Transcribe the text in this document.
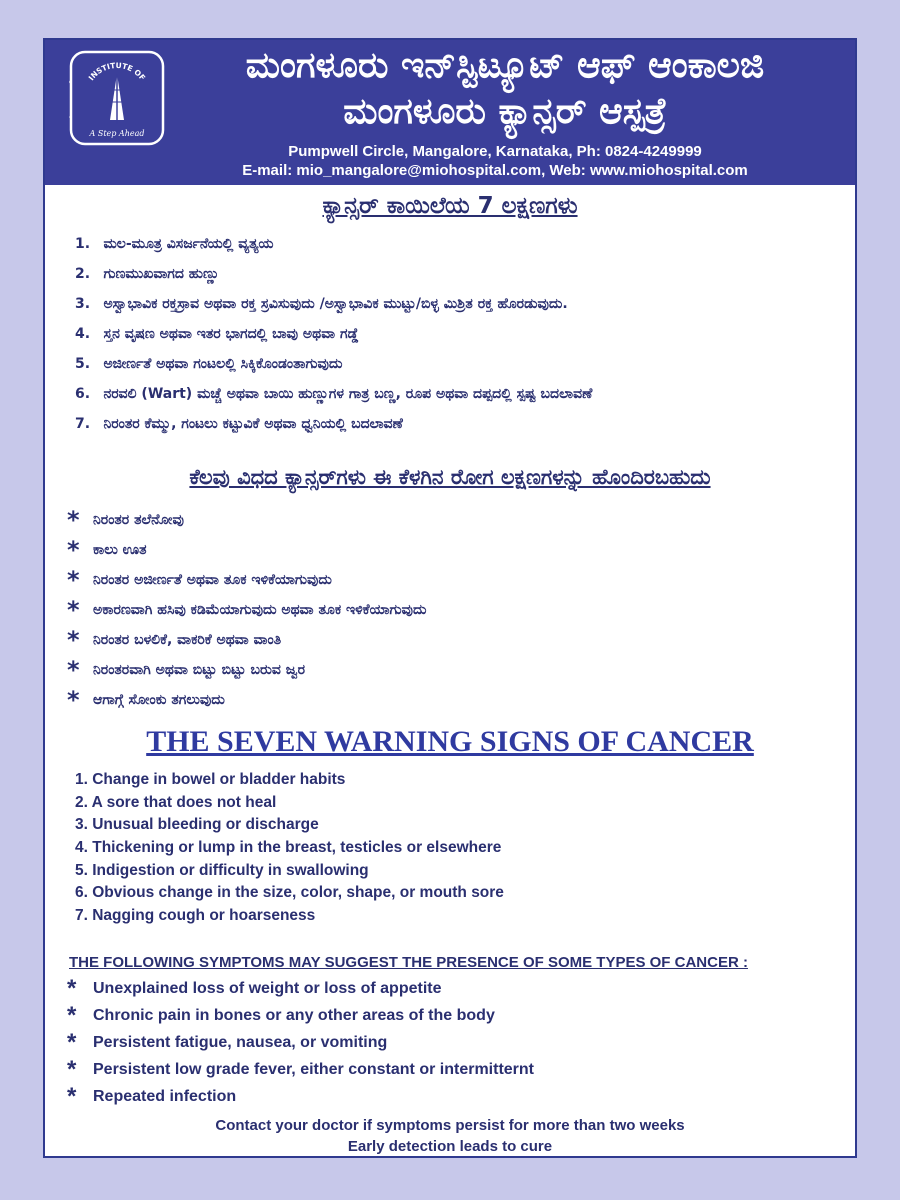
INSTITUTE OF
A Step Ahead
ಮಂಗಳೂರು ಇನ್‌ಸ್ಟಿಟ್ಯೂಟ್ ಆಫ್ ಆಂಕಾಲಜಿ
ಮಂಗಳೂರು ಕ್ಯಾನ್ಸರ್ ಆಸ್ಪತ್ರೆ
Pumpwell Circle, Mangalore, Karnataka, Ph: 0824-4249999
E-mail: mio_mangalore@miohospital.com, Web: www.miohospital.com
ಕ್ಯಾನ್ಸರ್ ಕಾಯಿಲೆಯ 7 ಲಕ್ಷಣಗಳು
1. ಮಲ-ಮೂತ್ರ ವಿಸರ್ಜನೆಯಲ್ಲಿ ವ್ಯತ್ಯಯ
2. ಗುಣಮುಖವಾಗದ ಹುಣ್ಣು
3. ಅಸ್ವಾಭಾವಿಕ ರಕ್ತಸ್ರಾವ ಅಥವಾ ರಕ್ತ ಸ್ರವಿಸುವುದು /ಅಸ್ವಾಭಾವಿಕ ಮುಟ್ಟು/ಬಿಳ್ಳ ಮಿಶ್ರಿತ ರಕ್ತ ಹೊರಡುವುದು.
4. ಸ್ತನ ವೃಷಣ ಅಥವಾ ಇತರ ಭಾಗದಲ್ಲಿ ಬಾವು ಅಥವಾ ಗಡ್ಡೆ
5. ಅಜೀರ್ಣತೆ ಅಥವಾ ಗಂಟಲಲ್ಲಿ ಸಿಕ್ಕಿಕೊಂಡಂತಾಗುವುದು
6. ನರವಲಿ (Wart) ಮಚ್ಚೆ ಅಥವಾ ಬಾಯಿ ಹುಣ್ಣುಗಳ ಗಾತ್ರ ಬಣ್ಣ, ರೂಪ ಅಥವಾ ದಪ್ಪದಲ್ಲಿ ಸ್ಪಷ್ಟ ಬದಲಾವಣೆ
7. ನಿರಂತರ ಕೆಮ್ಮು, ಗಂಟಲು ಕಟ್ಟುವಿಕೆ ಅಥವಾ ಧ್ವನಿಯಲ್ಲಿ ಬದಲಾವಣೆ
ಕೆಲವು ವಿಧದ ಕ್ಯಾನ್ಸರ್‌ಗಳು ಈ ಕೆಳಗಿನ ರೋಗ ಲಕ್ಷಣಗಳನ್ನು ಹೊಂದಿರಬಹುದು
* ನಿರಂತರ ತಲೆನೋವು
* ಕಾಲು ಊತ
* ನಿರಂತರ ಅಜೀರ್ಣತೆ ಅಥವಾ ತೂಕ ಇಳಿಕೆಯಾಗುವುದು
* ಅಕಾರಣವಾಗಿ ಹಸಿವು ಕಡಿಮೆಯಾಗುವುದು ಅಥವಾ ತೂಕ ಇಳಿಕೆಯಾಗುವುದು
* ನಿರಂತರ ಬಳಲಿಕೆ, ವಾಕರಿಕೆ ಅಥವಾ ವಾಂತಿ
* ನಿರಂತರವಾಗಿ ಅಥವಾ ಬಿಟ್ಟು ಬಿಟ್ಟು ಬರುವ ಜ್ವರ
* ಆಗಾಗ್ಗೆ ಸೋಂಕು ತಗಲುವುದು
THE SEVEN WARNING SIGNS OF CANCER
1. Change in bowel or bladder habits
2. A sore that does not heal
3. Unusual bleeding or discharge
4. Thickening or lump in the breast, testicles or elsewhere
5. Indigestion or difficulty in swallowing
6. Obvious change in the size, color, shape, or mouth sore
7. Nagging cough or hoarseness
THE FOLLOWING SYMPTOMS MAY SUGGEST THE PRESENCE OF SOME TYPES OF CANCER :
*	Unexplained loss of weight or loss of appetite
*	Chronic pain in bones or any other areas of the body
*	Persistent fatigue, nausea, or vomiting
*	Persistent low grade fever, either constant or intermitternt
*	Repeated infection
Contact your doctor if symptoms persist for more than two weeks
Early detection leads to cure
